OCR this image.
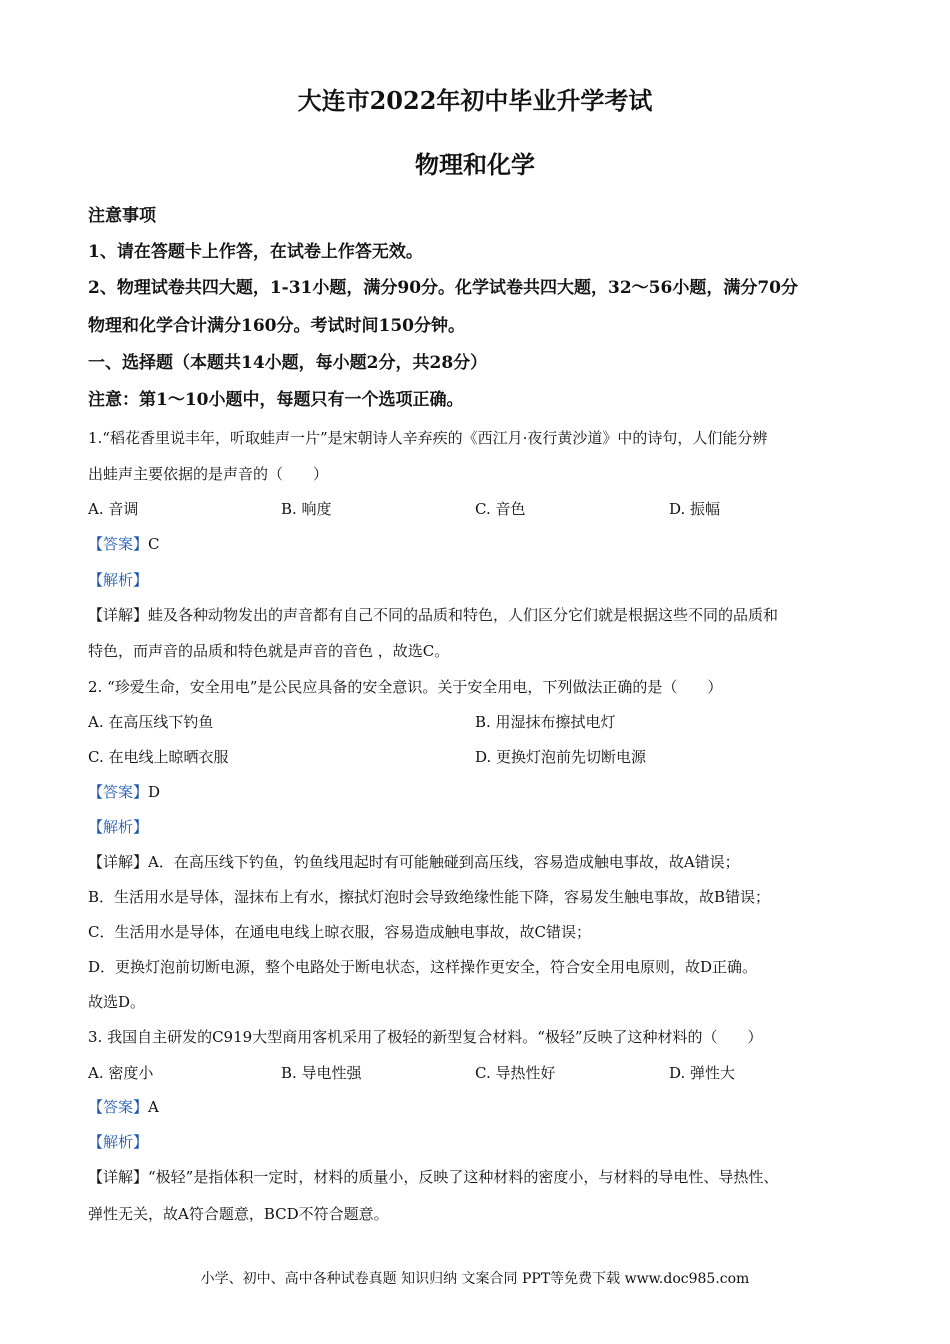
大连市2022年初中毕业升学考试
物理和化学
注意事项
1、请在答题卡上作答，在试卷上作答无效。
2、物理试卷共四大题，1-31小题，满分90分。化学试卷共四大题，32～56小题，满分70分
物理和化学合计满分160分。考试时间150分钟。
一、选择题（本题共14小题，每小题2分，共28分）
注意：第1～10小题中，每题只有一个选项正确。
1.“稻花香里说丰年，听取蛙声一片”是宋朝诗人辛弃疾的《西江月·夜行黄沙道》中的诗句，人们能分辨
出蛙声主要依据的是声音的（　　）
A. 音调	B. 响度	C. 音色	D. 振幅
【答案】C
【解析】
【详解】蛙及各种动物发出的声音都有自己不同的品质和特色，人们区分它们就是根据这些不同的品质和
特色，而声音的品质和特色就是声音的音色 ，故选C。
2. “珍爱生命，安全用电”是公民应具备的安全意识。关于安全用电，下列做法正确的是（　　）
A. 在高压线下钓鱼	B. 用湿抹布擦拭电灯
C. 在电线上晾晒衣服	D. 更换灯泡前先切断电源
【答案】D
【解析】
【详解】A．在高压线下钓鱼，钓鱼线甩起时有可能触碰到高压线，容易造成触电事故，故A错误；
B．生活用水是导体，湿抹布上有水，擦拭灯泡时会导致绝缘性能下降，容易发生触电事故，故B错误；
C．生活用水是导体，在通电电线上晾衣服，容易造成触电事故，故C错误；
D．更换灯泡前切断电源，整个电路处于断电状态，这样操作更安全，符合安全用电原则，故D正确。
故选D。
3. 我国自主研发的C919大型商用客机采用了极轻的新型复合材料。“极轻”反映了这种材料的（　　）
A. 密度小	B. 导电性强	C. 导热性好	D. 弹性大
【答案】A
【解析】
【详解】“极轻”是指体积一定时，材料的质量小，反映了这种材料的密度小，与材料的导电性、导热性、
弹性无关，故A符合题意，BCD不符合题意。
小学、初中、高中各种试卷真题 知识归纳 文案合同 PPT等免费下载 www.doc985.com
